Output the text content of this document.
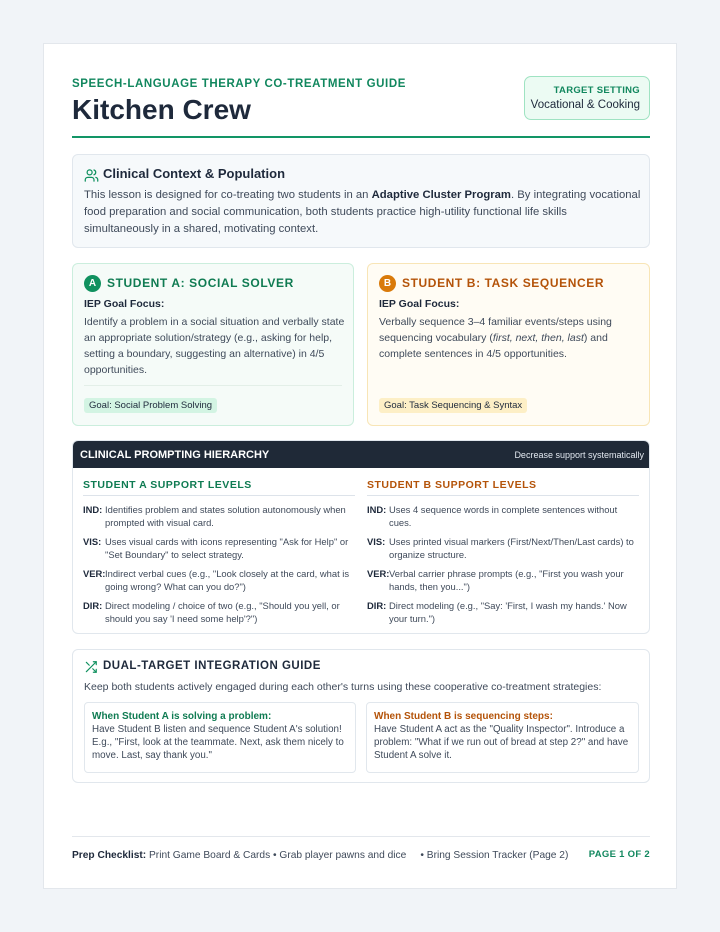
SPEECH-LANGUAGE THERAPY CO-TREATMENT GUIDE
Kitchen Crew
TARGET SETTING
Vocational & Cooking
Clinical Context & Population
This lesson is designed for co-treating two students in an Adaptive Cluster Program. By integrating vocational food preparation and social communication, both students practice high-utility functional life skills simultaneously in a shared, motivating context.
A STUDENT A: SOCIAL SOLVER
IEP Goal Focus:
Identify a problem in a social situation and verbally state an appropriate solution/strategy (e.g., asking for help, setting a boundary, suggesting an alternative) in 4/5 opportunities.
Goal: Social Problem Solving
B STUDENT B: TASK SEQUENCER
IEP Goal Focus:
Verbally sequence 3–4 familiar events/steps using sequencing vocabulary (first, next, then, last) and complete sentences in 4/5 opportunities.
Goal: Task Sequencing & Syntax
CLINICAL PROMPTING HIERARCHY	Decrease support systematically
STUDENT A SUPPORT LEVELS
IND: Identifies problem and states solution autonomously when prompted with visual card.
VIS: Uses visual cards with icons representing "Ask for Help" or "Set Boundary" to select strategy.
VER: Indirect verbal cues (e.g., "Look closely at the card, what is going wrong? What can you do?")
DIR: Direct modeling / choice of two (e.g., "Should you yell, or should you say 'I need some help'?")
STUDENT B SUPPORT LEVELS
IND: Uses 4 sequence words in complete sentences without cues.
VIS: Uses printed visual markers (First/Next/Then/Last cards) to organize structure.
VER: Verbal carrier phrase prompts (e.g., "First you wash your hands, then you...")
DIR: Direct modeling (e.g., "Say: 'First, I wash my hands.' Now your turn.")
DUAL-TARGET INTEGRATION GUIDE
Keep both students actively engaged during each other's turns using these cooperative co-treatment strategies:
When Student A is solving a problem:
Have Student B listen and sequence Student A's solution! E.g., "First, look at the teammate. Next, ask them nicely to move. Last, say thank you."
When Student B is sequencing steps:
Have Student A act as the "Quality Inspector". Introduce a problem: "What if we run out of bread at step 2?" and have Student A solve it.
Prep Checklist: Print Game Board & Cards • Grab player pawns and dice     • Bring Session Tracker (Page 2) PAGE 1 OF 2
